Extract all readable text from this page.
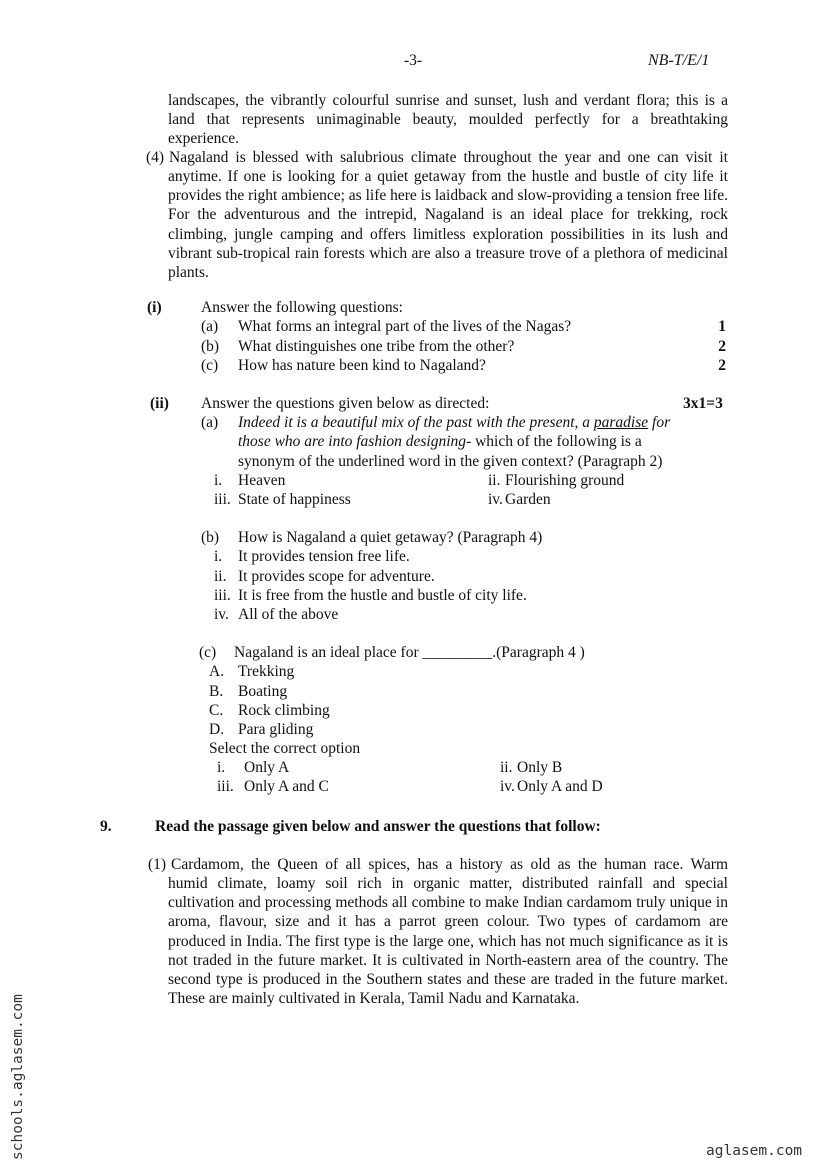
-3-	NB-T/E/1
landscapes, the vibrantly colourful sunrise and sunset, lush and verdant flora; this is a land that represents unimaginable beauty, moulded perfectly for a breathtaking experience.
(4) Nagaland is blessed with salubrious climate throughout the year and one can visit it
anytime. If one is looking for a quiet getaway from the hustle and bustle of city life it provides the right ambience; as life here is laidback and slow-providing a tension free life. For the adventurous and the intrepid, Nagaland is an ideal place for trekking, rock climbing, jungle camping and offers limitless exploration possibilities in its lush and vibrant sub-tropical rain forests which are also a treasure trove of a plethora of medicinal plants.
(i)	Answer the following questions:
(a) What forms an integral part of the lives of the Nagas?	1
(b) What distinguishes one tribe from the other?	2
(c) How has nature been kind to Nagaland?	2
(ii) Answer the questions given below as directed:	3x1=3
(a) Indeed it is a beautiful mix of the past with the present, a paradise for
those who are into fashion designing- which of the following is a
synonym of the underlined word in the given context? (Paragraph 2)
i. Heaven	ii. Flourishing ground
iii. State of happiness	iv. Garden
(b) How is Nagaland a quiet getaway? (Paragraph 4)
i. It provides tension free life.
ii. It provides scope for adventure.
iii. It is free from the hustle and bustle of city life.
iv. All of the above
(c) Nagaland is an ideal place for _________.(Paragraph 4 )
A. Trekking
B. Boating
C. Rock climbing
D. Para gliding
Select the correct option
i. Only A	ii. Only B
iii. Only A and C	iv. Only A and D
9.	Read the passage given below and answer the questions that follow:
(1) Cardamom, the Queen of all spices, has a history as old as the human race. Warm
humid climate, loamy soil rich in organic matter, distributed rainfall and special cultivation and processing methods all combine to make Indian cardamom truly unique in aroma, flavour, size and it has a parrot green colour. Two types of cardamom are produced in India. The first type is the large one, which has not much significance as it is not traded in the future market. It is cultivated in North-eastern area of the country. The second type is produced in the Southern states and these are traded in the future market. These are mainly cultivated in Kerala, Tamil Nadu and Karnataka.
schools.aglasem.com	aglasem.com
